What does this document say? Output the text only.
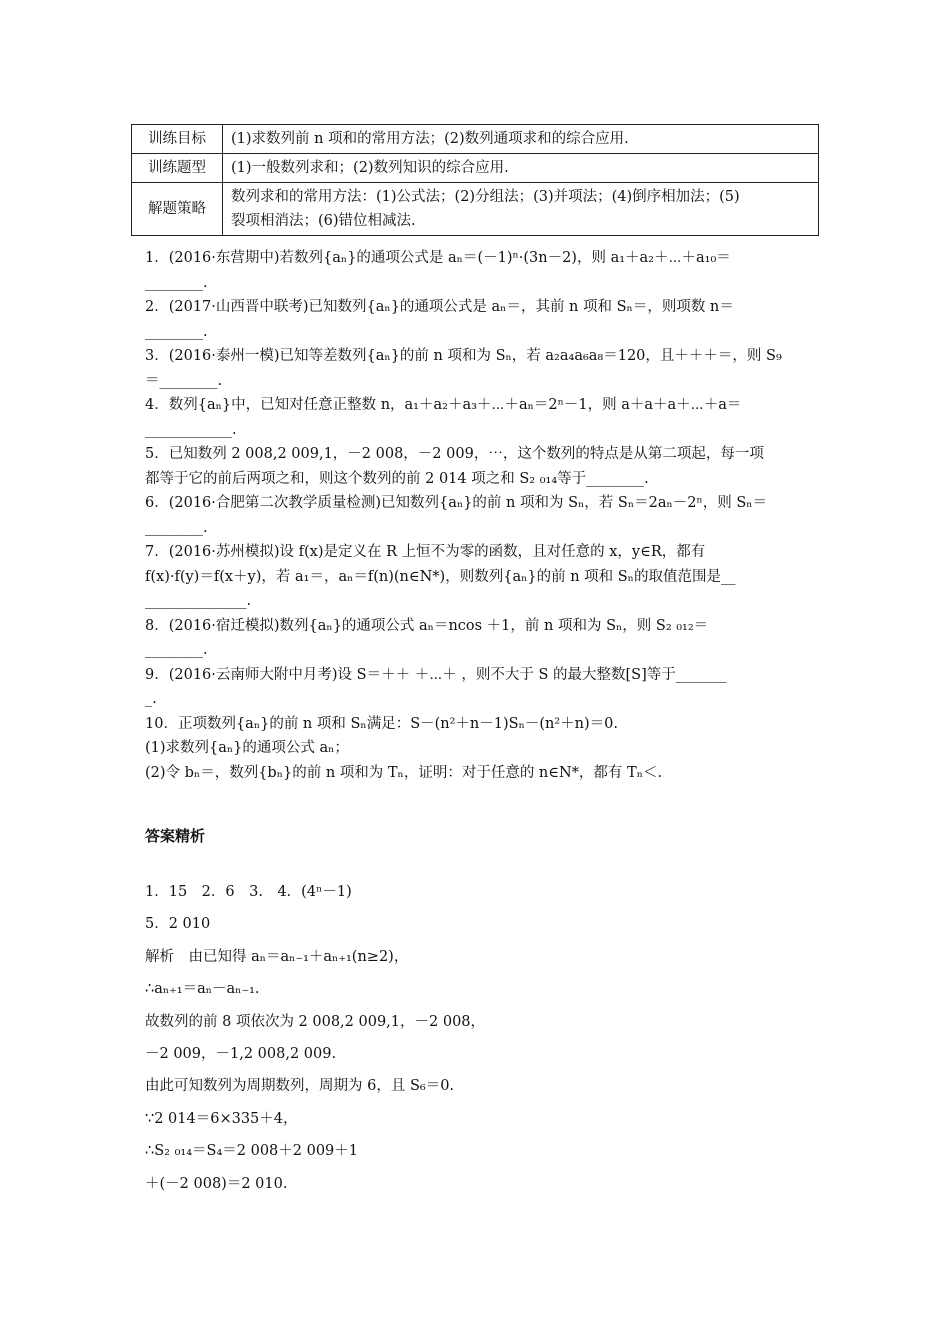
训练目标	(1)求数列前 n 项和的常用方法；(2)数列通项求和的综合应用.
训练题型	(1)一般数列求和；(2)数列知识的综合应用.
解题策略	数列求和的常用方法：(1)公式法；(2)分组法；(3)并项法；(4)倒序相加法；(5)
裂项相消法；(6)错位相减法.
1．(2016·东营期中)若数列{aₙ}的通项公式是 aₙ＝(－1)ⁿ·(3n－2)，则 a₁＋a₂＋⋯＋a₁₀＝
________.
2．(2017·山西晋中联考)已知数列{aₙ}的通项公式是 aₙ＝，其前 n 项和 Sₙ＝，则项数 n＝
________.
3．(2016·泰州一模)已知等差数列{aₙ}的前 n 项和为 Sₙ，若 a₂a₄a₆a₈＝120，且＋＋＋＝，则 S₉
＝________.
4．数列{aₙ}中，已知对任意正整数 n，a₁＋a₂＋a₃＋⋯＋aₙ＝2ⁿ－1，则 a＋a＋a＋⋯＋a＝
____________.
5．已知数列 2 008,2 009,1，－2 008，－2 009，⋯，这个数列的特点是从第二项起，每一项
都等于它的前后两项之和，则这个数列的前 2 014 项之和 S₂ ₀₁₄等于________.
6．(2016·合肥第二次教学质量检测)已知数列{aₙ}的前 n 项和为 Sₙ，若 Sₙ＝2aₙ－2ⁿ，则 Sₙ＝
________.
7．(2016·苏州模拟)设 f(x)是定义在 R 上恒不为零的函数，且对任意的 x，y∈R，都有
f(x)·f(y)＝f(x＋y)，若 a₁＝，aₙ＝f(n)(n∈N*)，则数列{aₙ}的前 n 项和 Sₙ的取值范围是__
______________.
8．(2016·宿迁模拟)数列{aₙ}的通项公式 aₙ＝ncos ＋1，前 n 项和为 Sₙ，则 S₂ ₀₁₂＝
________.
9．(2016·云南师大附中月考)设 S＝＋＋ ＋⋯＋ ，则不大于 S 的最大整数[S]等于_______
_.
10．正项数列{aₙ}的前 n 项和 Sₙ满足：S－(n²＋n－1)Sₙ－(n²＋n)＝0.
(1)求数列{aₙ}的通项公式 aₙ；
(2)令 bₙ＝，数列{bₙ}的前 n 项和为 Tₙ，证明：对于任意的 n∈N*，都有 Tₙ＜.
答案精析
1．15　2．6　3.　4．(4ⁿ－1)
5．2 010
解析　由已知得 aₙ＝aₙ₋₁＋aₙ₊₁(n≥2)，
∴aₙ₊₁＝aₙ－aₙ₋₁.
故数列的前 8 项依次为 2 008,2 009,1，－2 008，
－2 009，－1,2 008,2 009.
由此可知数列为周期数列，周期为 6，且 S₆＝0.
∵2 014＝6×335＋4，
∴S₂ ₀₁₄＝S₄＝2 008＋2 009＋1
＋(－2 008)＝2 010.
